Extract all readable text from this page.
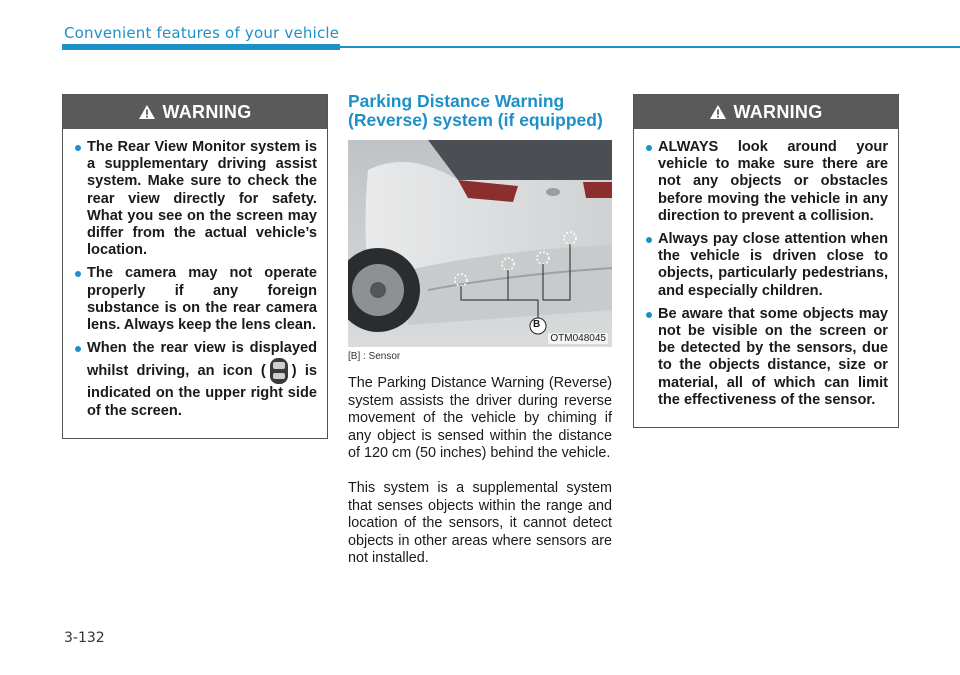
Convenient features of your vehicle
WARNING
The Rear View Monitor system is a supplementary driving assist system. Make sure to check the rear view directly for safety. What you see on the screen may differ from the actual vehicle’s location.
The camera may not operate properly if any foreign substance is on the rear camera lens. Always keep the lens clean.
When the rear view is displayed whilst driving, an icon ( ) is indicated on the upper right side of the screen.
Parking Distance Warning (Reverse) system (if equipped)
B
OTM048045
[B] : Sensor

The Parking Distance Warning (Reverse) system assists the driver during reverse movement of the vehicle by chiming if any object is sensed within the distance of 120 cm (50 inches) behind the vehicle.

This system is a supplemental system that senses objects within the range and location of the sensors, it cannot detect objects in other areas where sensors are not installed.

WARNING
ALWAYS look around your vehicle to make sure there are not any objects or obstacles before moving the vehicle in any direction to prevent a collision.
Always pay close attention when the vehicle is driven close to objects, particularly pedestrians, and especially children.
Be aware that some objects may not be visible on the screen or be detected by the sensors, due to the objects distance, size or material, all of which can limit the effectiveness of the sensor.
3-132
